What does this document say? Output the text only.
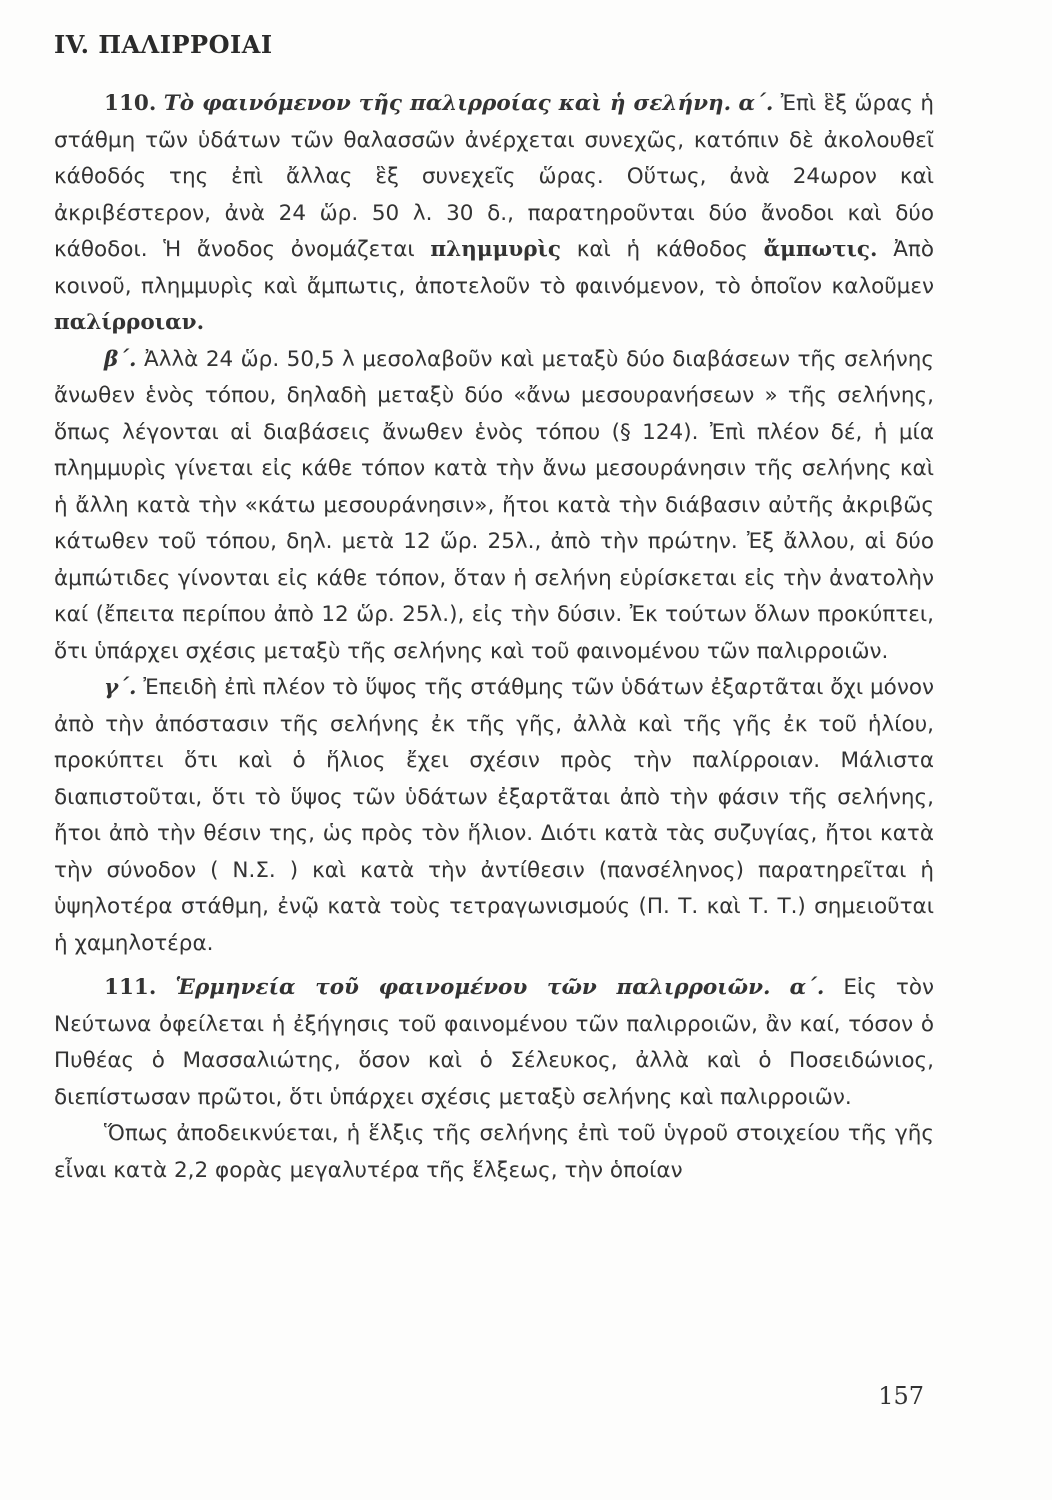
IV. ΠΑΛΙΡΡΟΙΑΙ

110. Τὸ φαινόμενον τῆς παλιρροίας καὶ ἡ σελήνη. α΄. Ἐπὶ ἓξ ὥρας ἡ στάθμη τῶν ὑδάτων τῶν θαλασσῶν ἀνέρχεται συνεχῶς, κατόπιν δὲ ἀκολουθεῖ κάθοδός της ἐπὶ ἄλλας ἓξ συνεχεῖς ὥρας. Οὕτως, ἀνὰ 24ωρον καὶ ἀκριβέστερον, ἀνὰ 24 ὥρ. 50 λ. 30 δ., παρατηροῦνται δύο ἄνοδοι καὶ δύο κάθοδοι. Ἡ ἄνοδος ὀνομάζεται πλημμυρὶς καὶ ἡ κάθοδος ἄμπωτις. Ἀπὸ κοινοῦ, πλημμυρὶς καὶ ἄμπωτις, ἀποτελοῦν τὸ φαινόμενον, τὸ ὁποῖον καλοῦμεν παλίρροιαν.

β΄. Ἀλλὰ 24 ὥρ. 50,5 λ μεσολαβοῦν καὶ μεταξὺ δύο διαβάσεων τῆς σελήνης ἄνωθεν ἑνὸς τόπου, δηλαδὴ μεταξὺ δύο «ἄνω μεσουρανήσεων » τῆς σελήνης, ὅπως λέγονται αἱ διαβάσεις ἄνωθεν ἑνὸς τόπου (§ 124). Ἐπὶ πλέον δέ, ἡ μία πλημμυρὶς γίνεται εἰς κάθε τόπον κατὰ τὴν ἄνω μεσουράνησιν τῆς σελήνης καὶ ἡ ἄλλη κατὰ τὴν «κάτω μεσουράνησιν», ἤτοι κατὰ τὴν διάβασιν αὐτῆς ἀκριβῶς κάτωθεν τοῦ τόπου, δηλ. μετὰ 12 ὥρ. 25λ., ἀπὸ τὴν πρώτην. Ἐξ ἄλλου, αἱ δύο ἀμπώτιδες γίνονται εἰς κάθε τόπον, ὅταν ἡ σελήνη εὑρίσκεται εἰς τὴν ἀνατολὴν καί (ἔπειτα περίπου ἀπὸ 12 ὥρ. 25λ.), εἰς τὴν δύσιν. Ἐκ τούτων ὅλων προκύπτει, ὅτι ὑπάρχει σχέσις μεταξὺ τῆς σελήνης καὶ τοῦ φαινομένου τῶν παλιρροιῶν.

γ΄. Ἐπειδὴ ἐπὶ πλέον τὸ ὕψος τῆς στάθμης τῶν ὑδάτων ἐξαρτᾶται ὄχι μόνον ἀπὸ τὴν ἀπόστασιν τῆς σελήνης ἐκ τῆς γῆς, ἀλλὰ καὶ τῆς γῆς ἐκ τοῦ ἡλίου, προκύπτει ὅτι καὶ ὁ ἥλιος ἔχει σχέσιν πρὸς τὴν παλίρροιαν. Μάλιστα διαπιστοῦται, ὅτι τὸ ὕψος τῶν ὑδάτων ἐξαρτᾶται ἀπὸ τὴν φάσιν τῆς σελήνης, ἤτοι ἀπὸ τὴν θέσιν της, ὡς πρὸς τὸν ἥλιον. Διότι κατὰ τὰς συζυγίας, ἤτοι κατὰ τὴν σύνοδον ( Ν.Σ. ) καὶ κατὰ τὴν ἀντίθεσιν (πανσέληνος) παρατηρεῖται ἡ ὑψηλοτέρα στάθμη, ἐνῷ κατὰ τοὺς τετραγωνισμούς (Π. Τ. καὶ Τ. Τ.) σημειοῦται ἡ χαμηλοτέρα.

111. Ἑρμηνεία τοῦ φαινομένου τῶν παλιρροιῶν. α΄. Εἰς τὸν Νεύτωνα ὀφείλεται ἡ ἐξήγησις τοῦ φαινομένου τῶν παλιρροιῶν, ἂν καί, τόσον ὁ Πυθέας ὁ Μασσαλιώτης, ὅσον καὶ ὁ Σέλευκος, ἀλλὰ καὶ ὁ Ποσειδώνιος, διεπίστωσαν πρῶτοι, ὅτι ὑπάρχει σχέσις μεταξὺ σελήνης καὶ παλιρροιῶν.

Ὅπως ἀποδεικνύεται, ἡ ἕλξις τῆς σελήνης ἐπὶ τοῦ ὑγροῦ στοιχείου τῆς γῆς εἶναι κατὰ 2,2 φορὰς μεγαλυτέρα τῆς ἕλξεως, τὴν ὁποίαν

157
